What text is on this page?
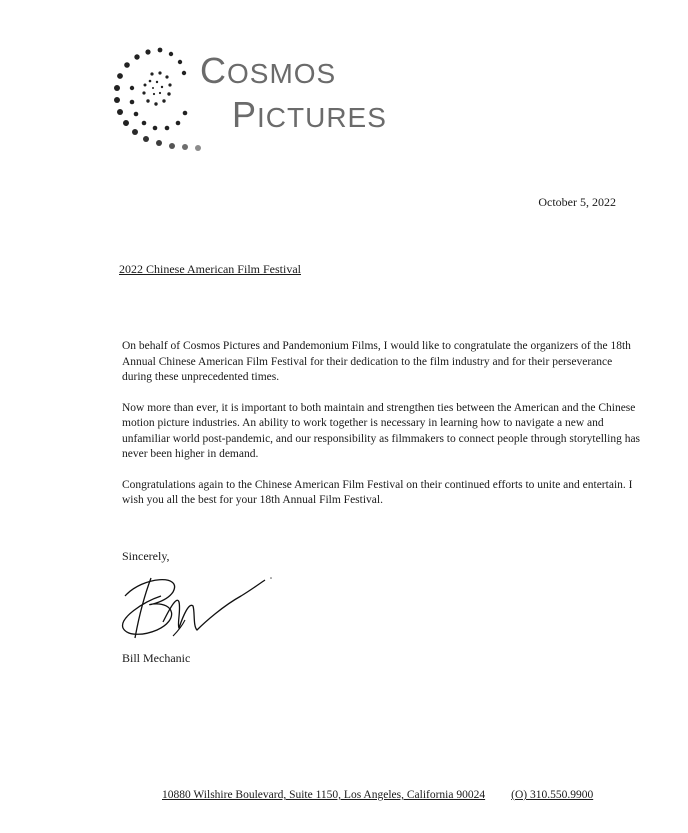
COSMOS
PICTURES
October 5, 2022
2022 Chinese American Film Festival

On behalf of Cosmos Pictures and Pandemonium Films, I would like to congratulate the organizers of the 18th Annual Chinese American Film Festival for their dedication to the film industry and for their perseverance during these unprecedented times.

Now more than ever, it is important to both maintain and strengthen ties between the American and the Chinese motion picture industries. An ability to work together is necessary in learning how to navigate a new and unfamiliar world post-pandemic, and our responsibility as filmmakers to connect people through storytelling has never been higher in demand.

Congratulations again to the Chinese American Film Festival on their continued efforts to unite and entertain. I wish you all the best for your 18th Annual Film Festival.

Sincerely,
Bill Mechanic
10880 Wilshire Boulevard, Suite 1150, Los Angeles, California 90024 (O) 310.550.9900
